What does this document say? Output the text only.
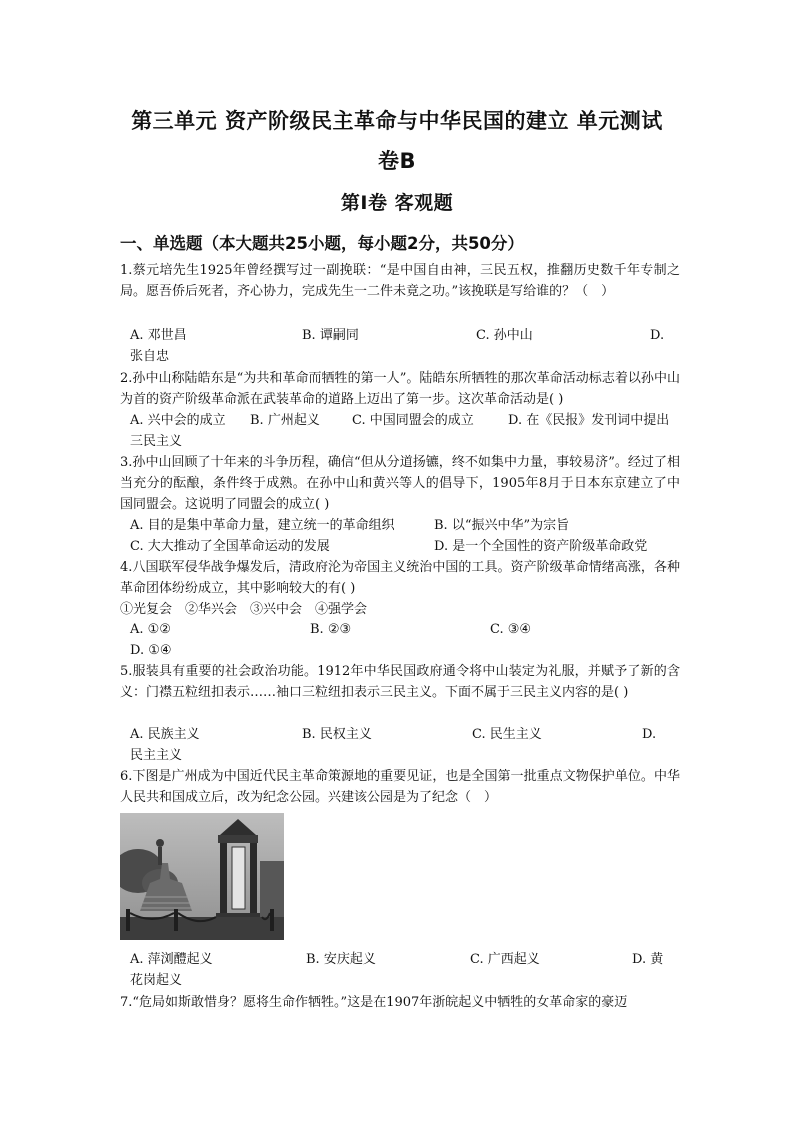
第三单元 资产阶级民主革命与中华民国的建立 单元测试
卷B
第Ⅰ卷 客观题
一、单选题（本大题共25小题，每小题2分，共50分）
1.蔡元培先生1925年曾经撰写过一副挽联：“是中国自由神，三民五权，推翻历史数千年专制之局。愿吾侨后死者，齐心协力，完成先生一二件未竟之功。”该挽联是写给谁的？（　）
A. 邓世昌	B. 谭嗣同	C. 孙中山	D.
张自忠
2.孙中山称陆皓东是“为共和革命而牺牲的第一人”。陆皓东所牺牲的那次革命活动标志着以孙中山为首的资产阶级革命派在武装革命的道路上迈出了第一步。这次革命活动是( )
A. 兴中会的成立 B. 广州起义 C. 中国同盟会的成立	D. 在《民报》发刊词中提出
三民主义
3.孙中山回顾了十年来的斗争历程，确信“但从分道扬镳，终不如集中力量，事较易济”。经过了相当充分的酝酿，条件终于成熟。在孙中山和黄兴等人的倡导下，1905年8月于日本东京建立了中国同盟会。这说明了同盟会的成立( )
A. 目的是集中革命力量，建立统一的革命组织	B. 以“振兴中华”为宗旨
C. 大大推动了全国革命运动的发展	D. 是一个全国性的资产阶级革命政党
4.八国联军侵华战争爆发后，清政府沦为帝国主义统治中国的工具。资产阶级革命情绪高涨，各种革命团体纷纷成立，其中影响较大的有( )
①光复会　②华兴会　③兴中会　④强学会
A. ①②	B. ②③	C. ③④
D. ①④
5.服装具有重要的社会政治功能。1912年中华民国政府通令将中山装定为礼服，并赋予了新的含义：门襟五粒纽扣表示……袖口三粒纽扣表示三民主义。下面不属于三民主义内容的是( )
A. 民族主义	B. 民权主义	C. 民生主义	D.
民主主义
6.下图是广州成为中国近代民主革命策源地的重要见证，也是全国第一批重点文物保护单位。中华人民共和国成立后，改为纪念公园。兴建该公园是为了纪念（　）
A. 萍浏醴起义	B. 安庆起义	C. 广西起义	D. 黄
花岗起义
7.“危局如斯敢惜身？愿将生命作牺牲。”这是在1907年浙皖起义中牺牲的女革命家的豪迈
